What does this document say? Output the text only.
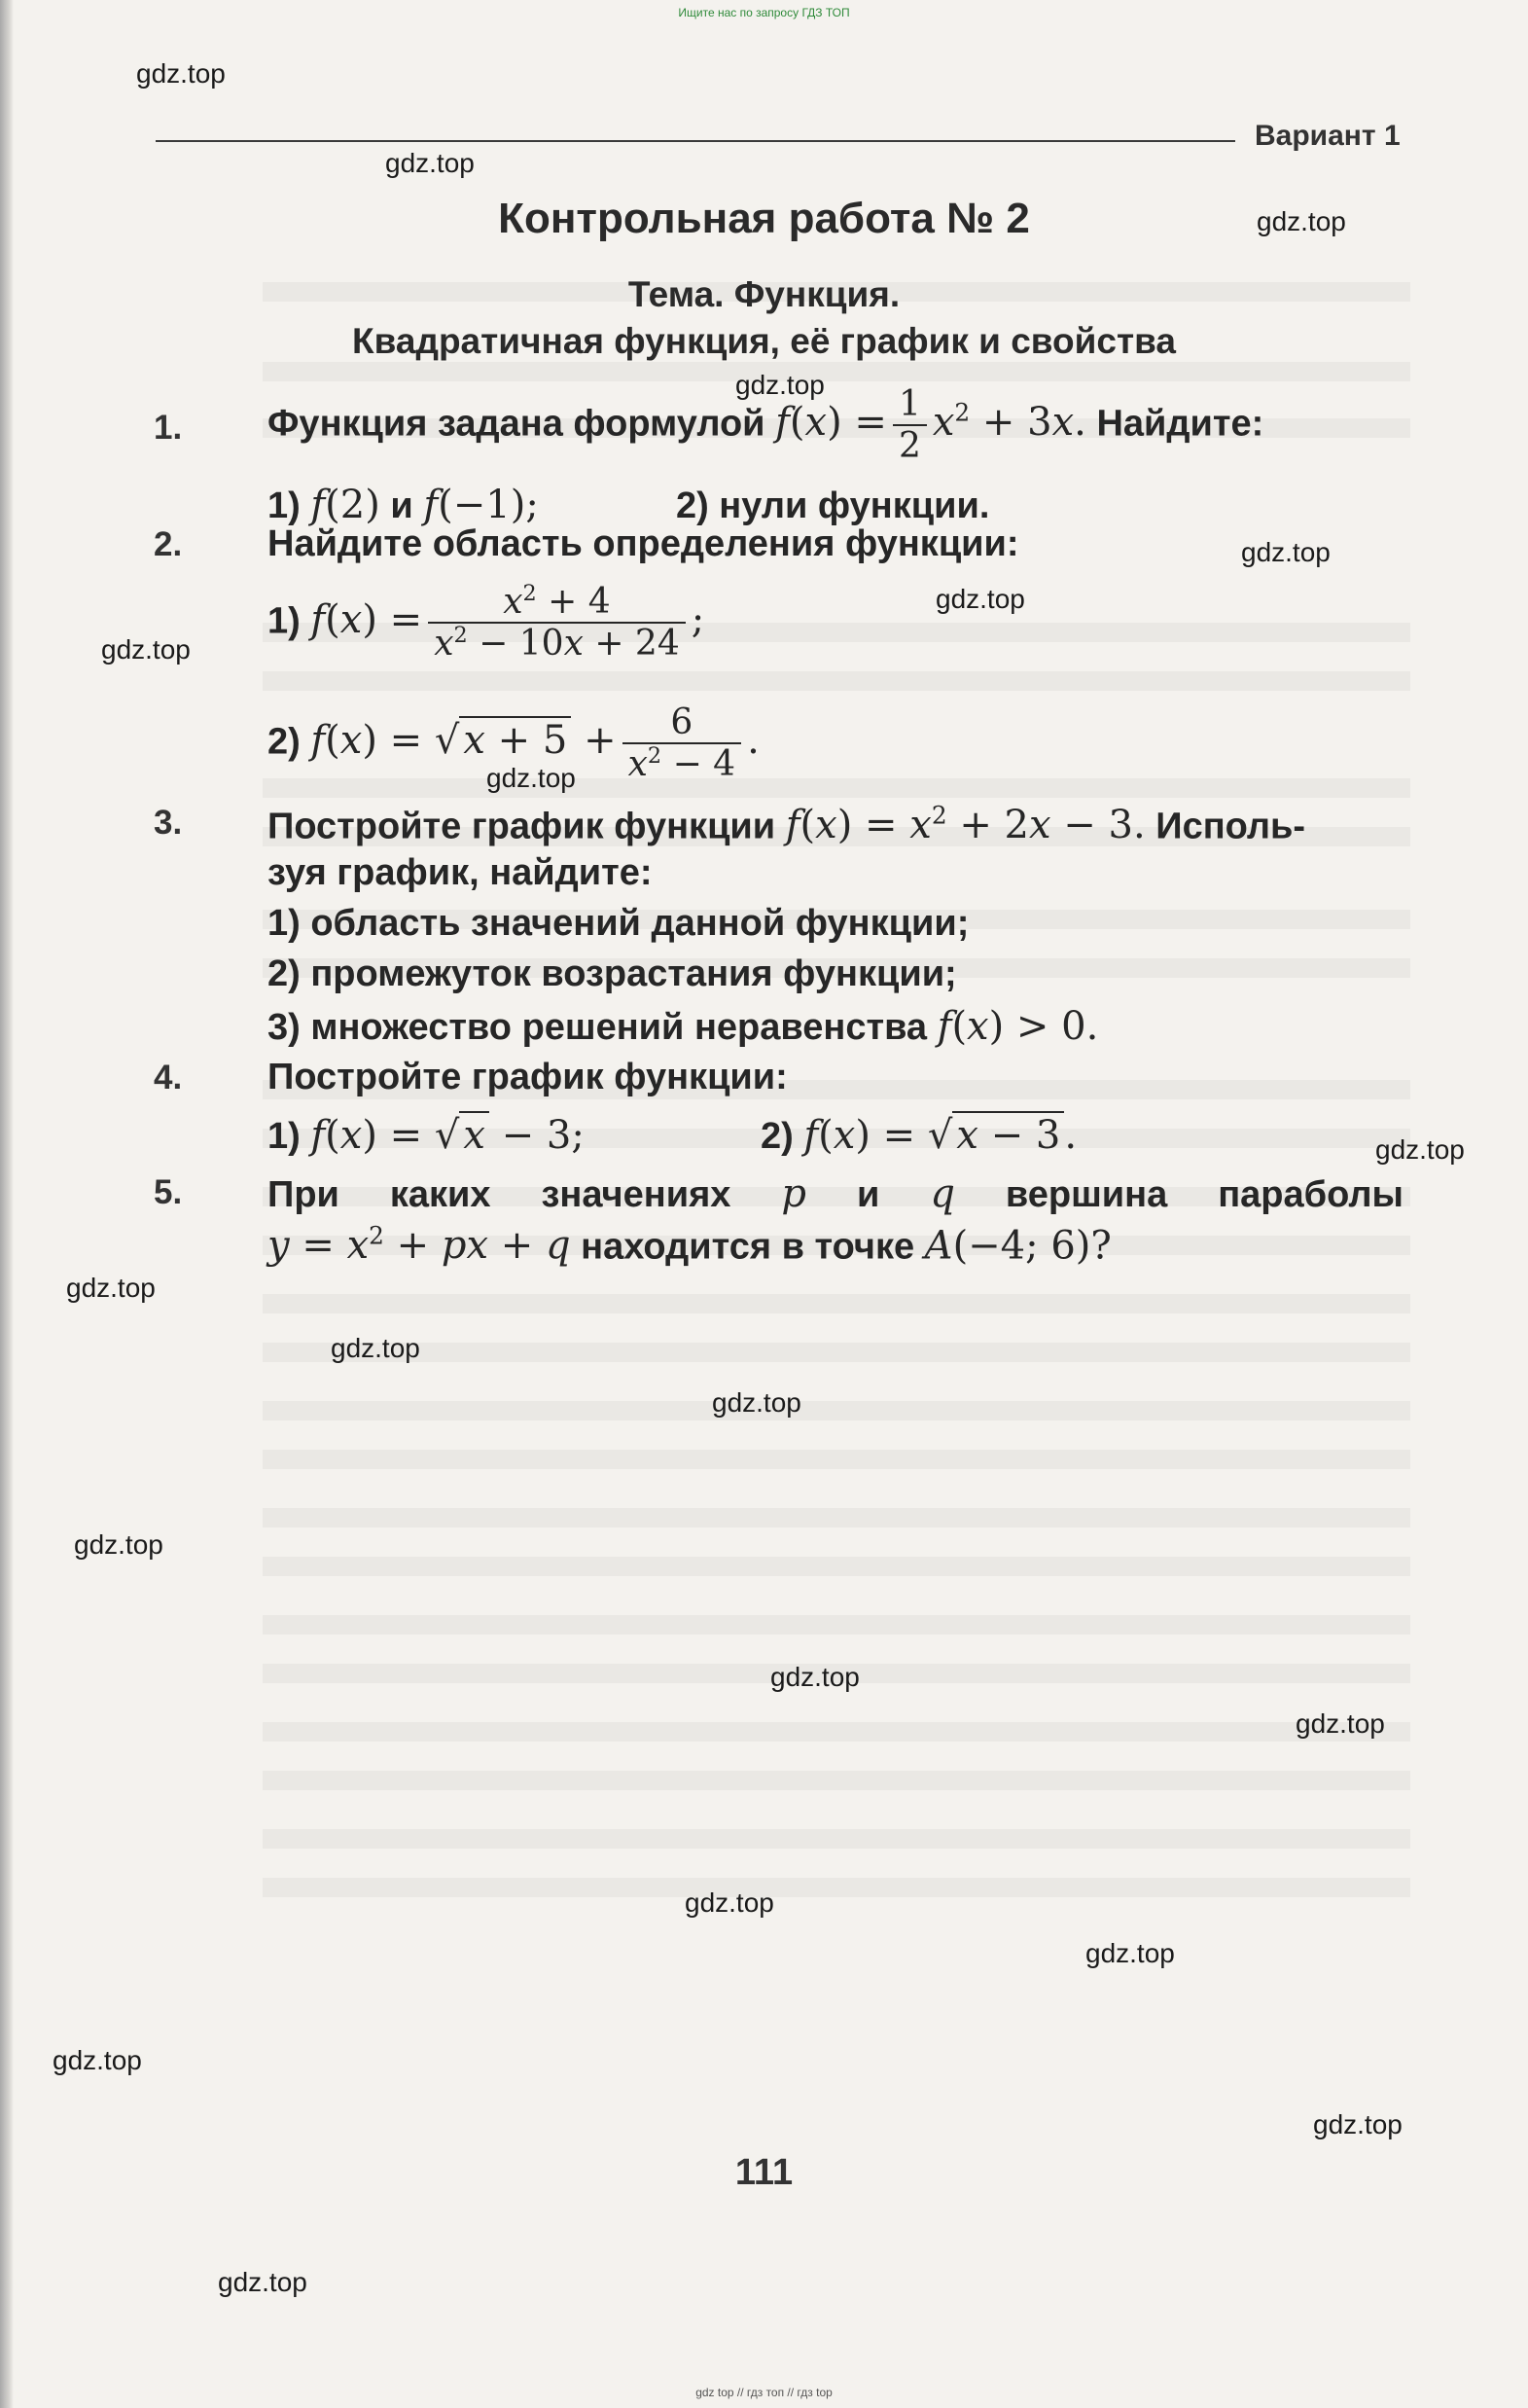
Ищите нас по запросу ГДЗ ТОП
gdz.top
gdz.top
gdz.top
gdz.top
gdz.top
gdz.top
gdz.top
gdz.top
gdz.top
gdz.top
gdz.top
gdz.top
gdz.top
gdz.top
gdz.top
gdz.top
gdz.top
gdz.top
gdz.top
gdz.top
Вариант 1
Контрольная работа № 2
Тема. Функция.
Квадратичная функция, её график и свойства
1. Функция задана формулой $f(x) = \frac{1}{2} x^2 + 3x$. Найдите:
1) f(2) и f(−1);	2) нули функции.
2. Найдите область определения функции:
1) $f(x) = \frac{x^2 + 4}{x^2 - 10x + 24}$ ;
2) f(x) = √ $x + 5 + \frac{6}{x^2 - 4}$ .
3. Постройте график функции $f(x) = x^2 + 2x - 3$. Исполь-
зуя график, найдите:
1) область значений данной функции;
2) промежуток возрастания функции;
3) множество решений неравенства f(x) > 0.
4. Постройте график функции:
1) f(x) = √ x − 3;	2) f(x) = √ x − 3 .
5. При каких значениях p и q вершина параболы
$y = x^2$ + px + q находится в точке A(−4; 6)?
111
gdz top // гдз топ // гдз top
